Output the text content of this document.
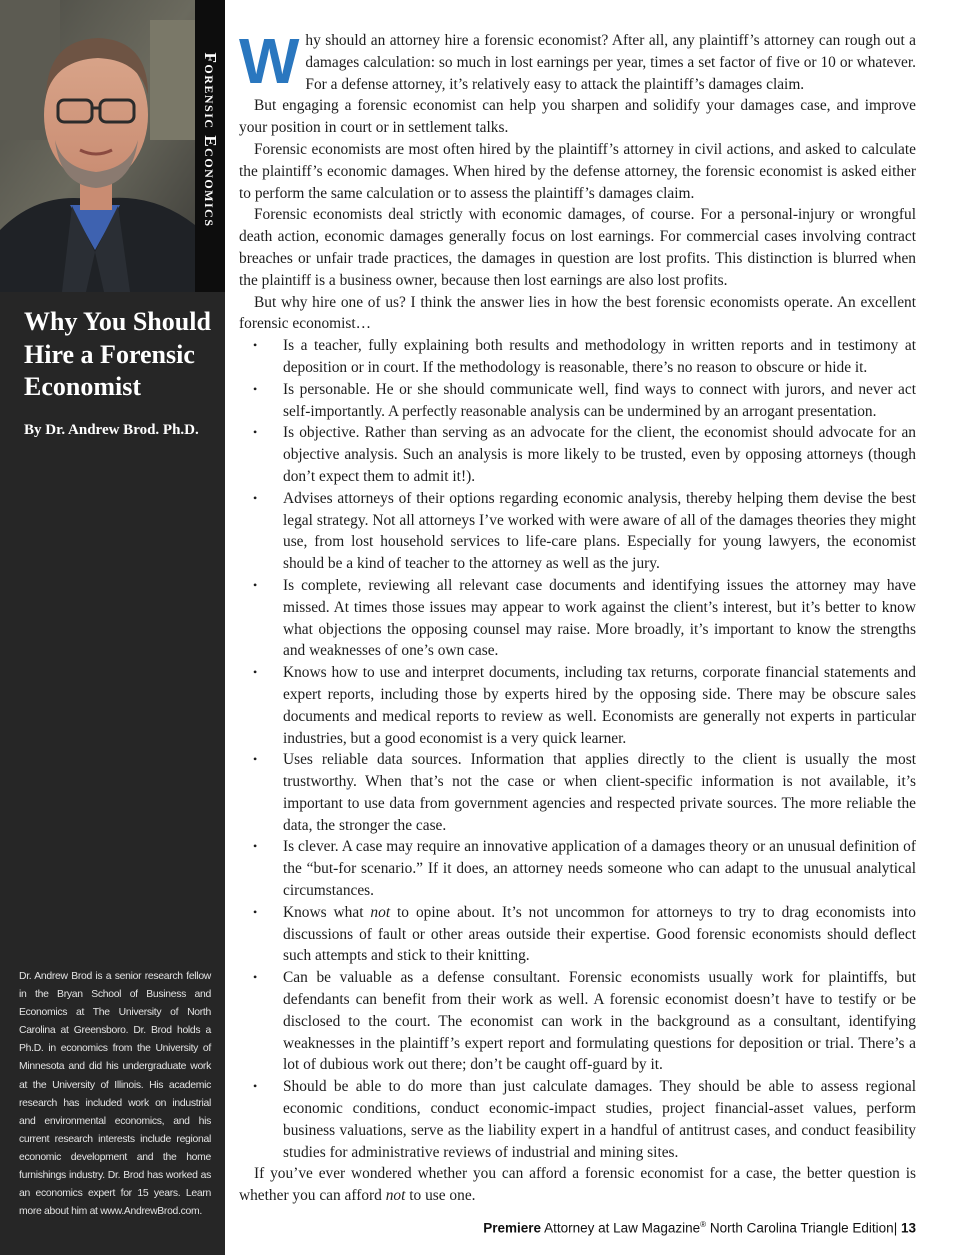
Forensic Economics
Why You Should
Hire a Forensic
Economist

By Dr. Andrew Brod. Ph.D.

Dr. Andrew Brod is a senior research fellow in the Bryan School of Business and Economics at The University of North Carolina at Greensboro. Dr. Brod holds a Ph.D. in economics from the University of Minnesota and did his undergraduate work at the University of Illinois. His academic research has included work on industrial and environmental economics, and his current research interests include regional economic development and the home furnishings industry. Dr. Brod has worked as an economics expert for 15 years. Learn more about him at www.AndrewBrod.com.

Why should an attorney hire a forensic economist? After all, any plaintiff’s attorney can rough out a damages calculation: so much in lost earnings per year, times a set factor of five or 10 or whatever. For a defense attorney, it’s relatively easy to attack the plaintiff’s damages claim.

But engaging a forensic economist can help you sharpen and solidify your damages case, and improve your position in court or in settlement talks.

Forensic economists are most often hired by the plaintiff’s attorney in civil actions, and asked to calculate the plaintiff’s economic damages. When hired by the defense attorney, the forensic economist is asked either to perform the same calculation or to assess the plaintiff’s damages claim.

Forensic economists deal strictly with economic damages, of course. For a personal-injury or wrongful death action, economic damages generally focus on lost earnings. For commercial cases involving contract breaches or unfair trade practices, the damages in question are lost profits. This distinction is blurred when the plaintiff is a business owner, because then lost earnings are also lost profits.

But why hire one of us? I think the answer lies in how the best forensic economists operate. An excellent forensic economist…

• Is a teacher, fully explaining both results and methodology in written reports and in testimony at deposition or in court. If the methodology is reasonable, there’s no reason to obscure or hide it.
• Is personable. He or she should communicate well, find ways to connect with jurors, and never act self-importantly. A perfectly reasonable analysis can be undermined by an arrogant presentation.
• Is objective. Rather than serving as an advocate for the client, the economist should advocate for an objective analysis. Such an analysis is more likely to be trusted, even by opposing attorneys (though don’t expect them to admit it!).
• Advises attorneys of their options regarding economic analysis, thereby helping them devise the best legal strategy. Not all attorneys I’ve worked with were aware of all of the damages theories they might use, from lost household services to life-care plans. Especially for young lawyers, the economist should be a kind of teacher to the attorney as well as the jury.
• Is complete, reviewing all relevant case documents and identifying issues the attorney may have missed. At times those issues may appear to work against the client’s interest, but it’s better to know what objections the opposing counsel may raise. More broadly, it’s important to know the strengths and weaknesses of one’s own case.
• Knows how to use and interpret documents, including tax returns, corporate financial statements and expert reports, including those by experts hired by the opposing side. There may be obscure sales documents and medical reports to review as well. Economists are generally not experts in particular industries, but a good economist is a very quick learner.
• Uses reliable data sources. Information that applies directly to the client is usually the most trustworthy. When that’s not the case or when client-specific information is not available, it’s important to use data from government agencies and respected private sources. The more reliable the data, the stronger the case.
• Is clever. A case may require an innovative application of a damages theory or an unusual definition of the “but-for scenario.” If it does, an attorney needs someone who can adapt to the unusual analytical circumstances.
• Knows what not to opine about. It’s not uncommon for attorneys to try to drag economists into discussions of fault or other areas outside their expertise. Good forensic economists should deflect such attempts and stick to their knitting.
• Can be valuable as a defense consultant. Forensic economists usually work for plaintiffs, but defendants can benefit from their work as well. A forensic economist doesn’t have to testify or be disclosed to the court. The economist can work in the background as a consultant, identifying weaknesses in the plaintiff’s expert report and formulating questions for deposition or trial. There’s a lot of dubious work out there; don’t be caught off-guard by it.
• Should be able to do more than just calculate damages. They should be able to assess regional economic conditions, conduct economic-impact studies, project financial-asset values, perform business valuations, serve as the liability expert in a handful of antitrust cases, and conduct feasibility studies for administrative reviews of industrial and mining sites.

If you’ve ever wondered whether you can afford a forensic economist for a case, the better question is whether you can afford not to use one.

Premiere Attorney at Law Magazine® North Carolina Triangle Edition| 13
